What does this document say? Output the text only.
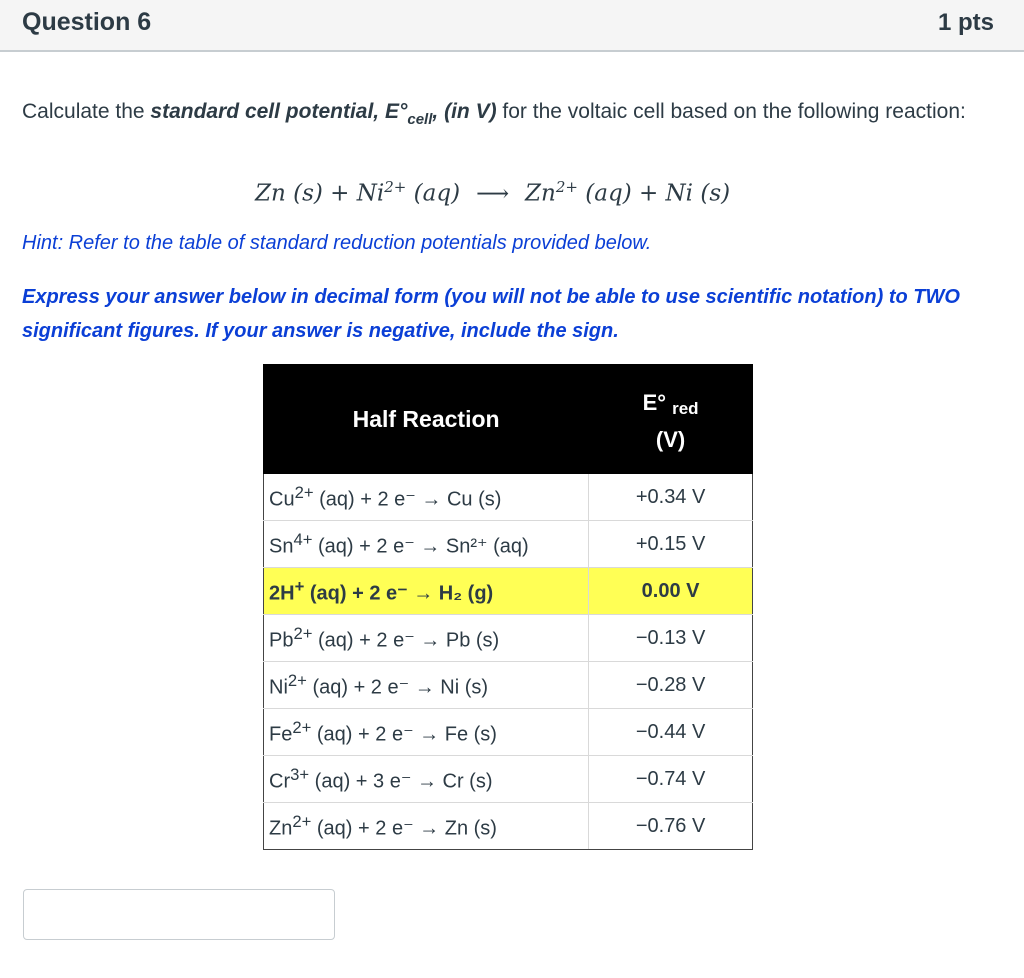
Question 6	1 pts
Calculate the standard cell potential, $E^\circ_{cell}$, (in V) for the voltaic cell based on the following reaction:
Zn $(s) + Ni^{2+}$ (aq) ⟶ $Zn^{2+}$ (aq) + Ni (s)
Hint: Refer to the table of standard reduction potentials provided below.
Express your answer below in decimal form (you will not be able to use scientific notation) to TWO significant figures. If your answer is negative, include the sign.
Half Reaction	E° $_{red}$
(V)

$Cu^{2+}$ (aq) + 2 e⁻ → Cu (s)	+0.34 V
$Sn^{4+}$ (aq) + 2 e⁻ → Sn²⁺ (aq)	+0.15 V
2H+ (aq) + 2 e⁻ → H₂ (g)	0.00 V
$Pb^{2+}$ (aq) + 2 e⁻ → Pb (s)	−0.13 V
$Ni^{2+}$ (aq) + 2 e⁻ → Ni (s)	−0.28 V
$Fe^{2+}$ (aq) + 2 e⁻ → Fe (s)	−0.44 V
$Cr^{3+}$ (aq) + 3 e⁻ → Cr (s)	−0.74 V
$Zn^{2+}$ (aq) + 2 e⁻ → Zn (s)	−0.76 V
